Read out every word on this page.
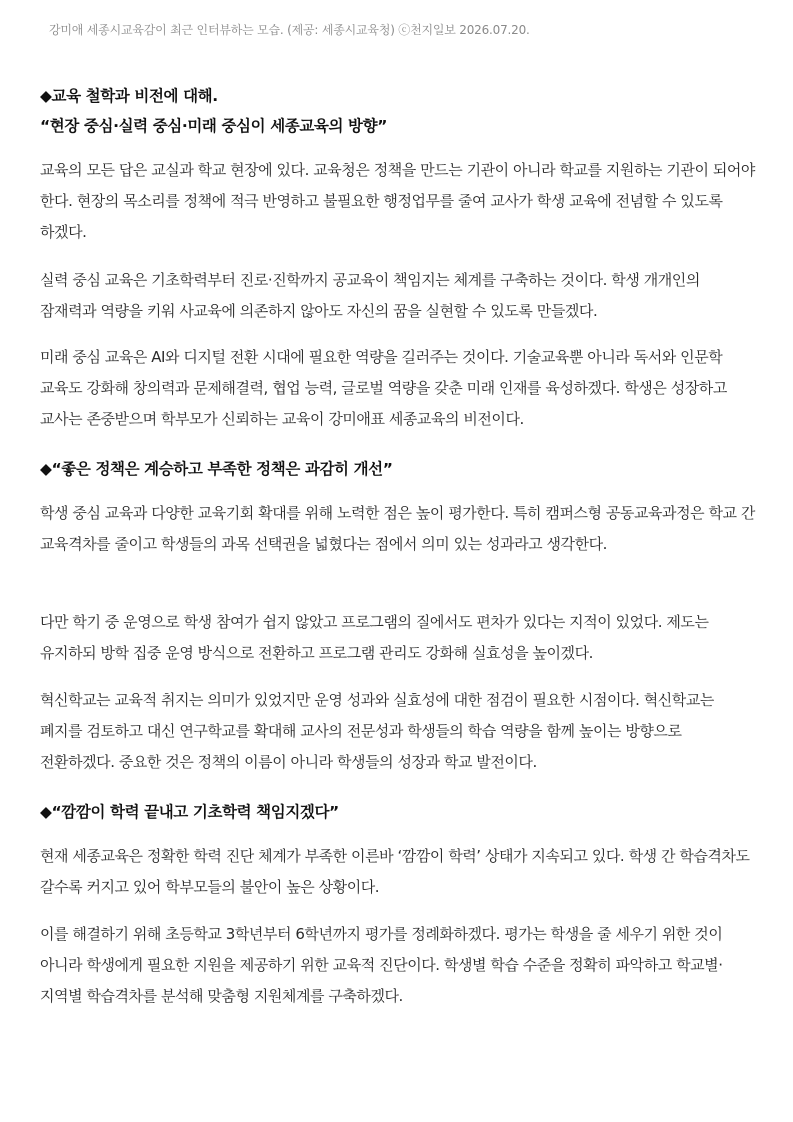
강미애 세종시교육감이 최근 인터뷰하는 모습. (제공: 세종시교육청) ⓒ천지일보 2026.07.20.
◆교육 철학과 비전에 대해.
“현장 중심·실력 중심·미래 중심이 세종교육의 방향”
교육의 모든 답은 교실과 학교 현장에 있다. 교육청은 정책을 만드는 기관이 아니라 학교를 지원하는 기관이 되어야 한다. 현장의 목소리를 정책에 적극 반영하고 불필요한 행정업무를 줄여 교사가 학생 교육에 전념할 수 있도록 하겠다.
실력 중심 교육은 기초학력부터 진로·진학까지 공교육이 책임지는 체계를 구축하는 것이다. 학생 개개인의 잠재력과 역량을 키워 사교육에 의존하지 않아도 자신의 꿈을 실현할 수 있도록 만들겠다.
미래 중심 교육은 AI와 디지털 전환 시대에 필요한 역량을 길러주는 것이다. 기술교육뿐 아니라 독서와 인문학 교육도 강화해 창의력과 문제해결력, 협업 능력, 글로벌 역량을 갖춘 미래 인재를 육성하겠다. 학생은 성장하고 교사는 존중받으며 학부모가 신뢰하는 교육이 강미애표 세종교육의 비전이다.
◆“좋은 정책은 계승하고 부족한 정책은 과감히 개선”
학생 중심 교육과 다양한 교육기회 확대를 위해 노력한 점은 높이 평가한다. 특히 캠퍼스형 공동교육과정은 학교 간 교육격차를 줄이고 학생들의 과목 선택권을 넓혔다는 점에서 의미 있는 성과라고 생각한다.
다만 학기 중 운영으로 학생 참여가 쉽지 않았고 프로그램의 질에서도 편차가 있다는 지적이 있었다. 제도는 유지하되 방학 집중 운영 방식으로 전환하고 프로그램 관리도 강화해 실효성을 높이겠다.
혁신학교는 교육적 취지는 의미가 있었지만 운영 성과와 실효성에 대한 점검이 필요한 시점이다. 혁신학교는 폐지를 검토하고 대신 연구학교를 확대해 교사의 전문성과 학생들의 학습 역량을 함께 높이는 방향으로 전환하겠다. 중요한 것은 정책의 이름이 아니라 학생들의 성장과 학교 발전이다.
◆“깜깜이 학력 끝내고 기초학력 책임지겠다”
현재 세종교육은 정확한 학력 진단 체계가 부족한 이른바 ‘깜깜이 학력’ 상태가 지속되고 있다. 학생 간 학습격차도 갈수록 커지고 있어 학부모들의 불안이 높은 상황이다.
이를 해결하기 위해 초등학교 3학년부터 6학년까지 평가를 정례화하겠다. 평가는 학생을 줄 세우기 위한 것이 아니라 학생에게 필요한 지원을 제공하기 위한 교육적 진단이다. 학생별 학습 수준을 정확히 파악하고 학교별·지역별 학습격차를 분석해 맞춤형 지원체계를 구축하겠다.
